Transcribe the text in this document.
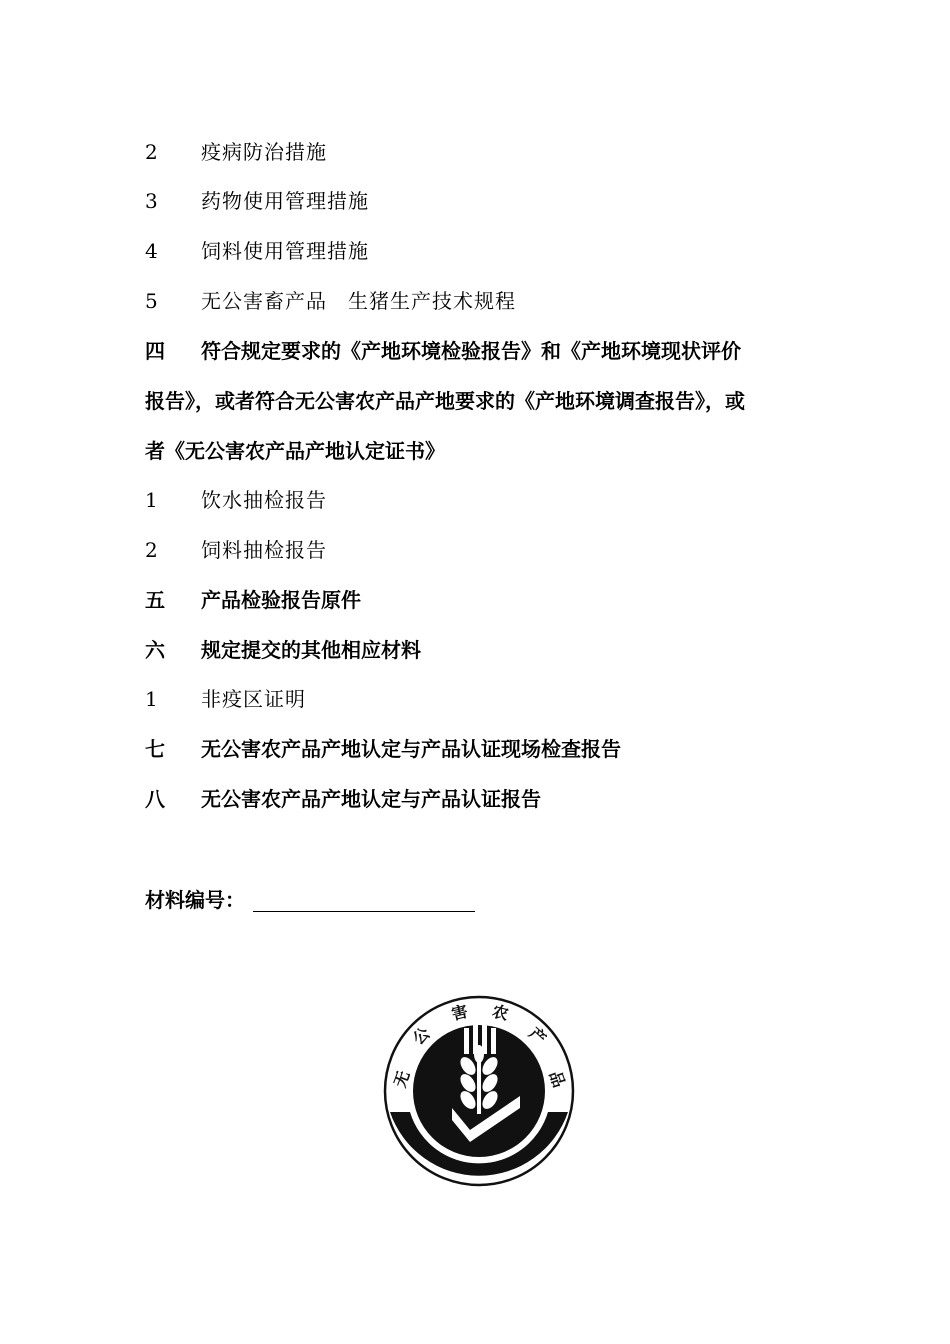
2 疫病防治措施
3 药物使用管理措施
4 饲料使用管理措施
5 无公害畜产品　生猪生产技术规程
四 符合规定要求的《产地环境检验报告》和《产地环境现状评价
报告》，或者符合无公害农产品产地要求的《产地环境调查报告》，或
者《无公害农产品产地认定证书》
1 饮水抽检报告
2 饲料抽检报告
五 产品检验报告原件
六 规定提交的其他相应材料
1 非疫区证明
七 无公害农产品产地认定与产品认证现场检查报告
八 无公害农产品产地认定与产品认证报告
材料编号：
无
公
害 农
产
品
